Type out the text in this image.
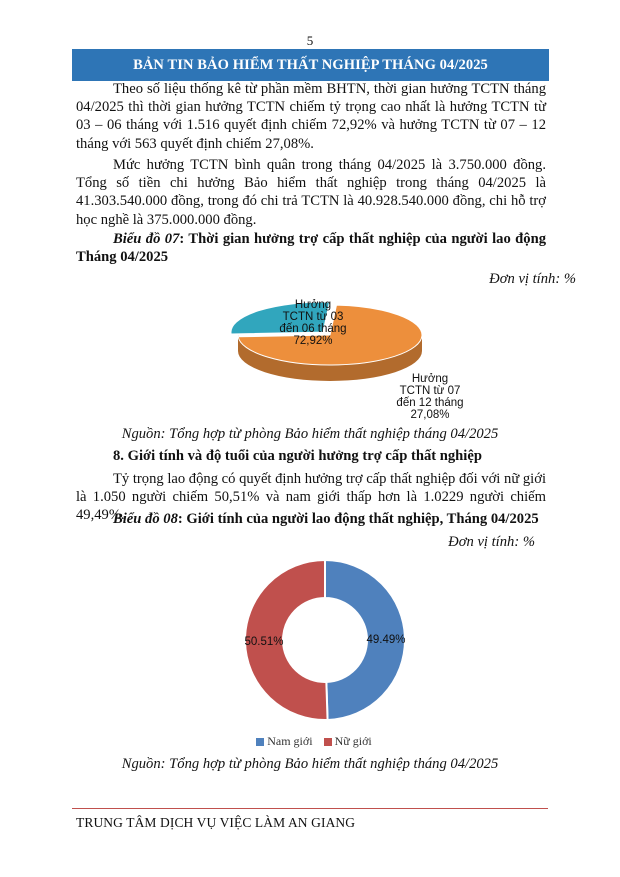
5
BẢN TIN BẢO HIỂM THẤT NGHIỆP THÁNG 04/2025

Theo số liệu thống kê từ phần mềm BHTN, thời gian hưởng TCTN tháng 04/2025 thì thời gian hưởng TCTN chiếm tỷ trọng cao nhất là hưởng TCTN từ 03 – 06 tháng với 1.516 quyết định chiếm 72,92% và hưởng TCTN từ 07 – 12 tháng với 563 quyết định chiếm 27,08%.

Mức hưởng TCTN bình quân trong tháng 04/2025 là 3.750.000 đồng. Tổng số tiền chi hưởng Bảo hiểm thất nghiệp trong tháng 04/2025 là 41.303.540.000 đồng, trong đó chi trả TCTN là 40.928.540.000 đồng, chi hỗ trợ học nghề là 375.000.000 đồng.

Biểu đồ 07: Thời gian hưởng trợ cấp thất nghiệp của người lao động Tháng 04/2025

Đơn vị tính: %
Hưởng
TCTN từ 03
đến 06 tháng
72,92%
Hưởng
TCTN từ 07
đến 12 tháng
27,08%
Nguồn: Tổng hợp từ phòng Bảo hiểm thất nghiệp tháng 04/2025
8. Giới tính và độ tuổi của người hưởng trợ cấp thất nghiệp

Tỷ trọng lao động có quyết định hưởng trợ cấp thất nghiệp đối với nữ giới là 1.050 người chiếm 50,51% và nam giới thấp hơn là 1.0229 người chiếm 49,49%.

Biểu đồ 08: Giới tính của người lao động thất nghiệp, Tháng 04/2025

Đơn vị tính: %
49.49%
50.51%
Nam giới Nữ giới
Nguồn: Tổng hợp từ phòng Bảo hiểm thất nghiệp tháng 04/2025
TRUNG TÂM DỊCH VỤ VIỆC LÀM AN GIANG
